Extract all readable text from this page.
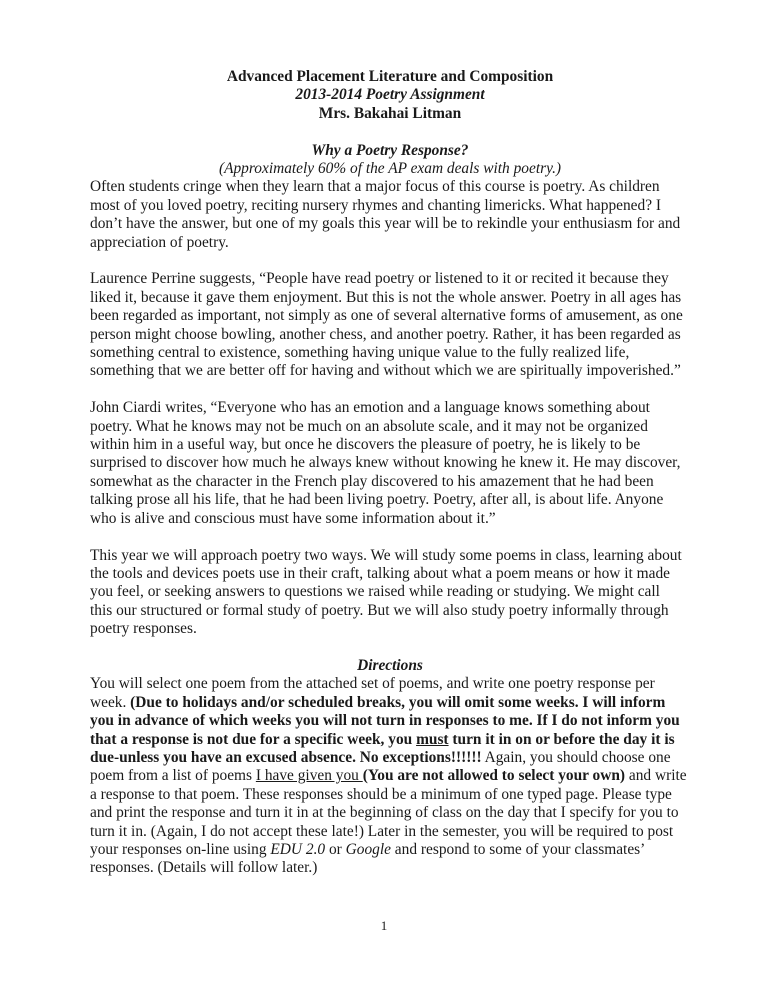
Advanced Placement Literature and Composition
2013-2014 Poetry Assignment
Mrs. Bakahai Litman
Why a Poetry Response?
(Approximately 60% of the AP exam deals with poetry.)
Often students cringe when they learn that a major focus of this course is poetry. As children
most of you loved poetry, reciting nursery rhymes and chanting limericks. What happened? I
don’t have the answer, but one of my goals this year will be to rekindle your enthusiasm for and
appreciation of poetry.
Laurence Perrine suggests, “People have read poetry or listened to it or recited it because they
liked it, because it gave them enjoyment. But this is not the whole answer. Poetry in all ages has
been regarded as important, not simply as one of several alternative forms of amusement, as one
person might choose bowling, another chess, and another poetry. Rather, it has been regarded as
something central to existence, something having unique value to the fully realized life,
something that we are better off for having and without which we are spiritually impoverished.”
John Ciardi writes, “Everyone who has an emotion and a language knows something about
poetry. What he knows may not be much on an absolute scale, and it may not be organized
within him in a useful way, but once he discovers the pleasure of poetry, he is likely to be
surprised to discover how much he always knew without knowing he knew it. He may discover,
somewhat as the character in the French play discovered to his amazement that he had been
talking prose all his life, that he had been living poetry. Poetry, after all, is about life. Anyone
who is alive and conscious must have some information about it.”
This year we will approach poetry two ways. We will study some poems in class, learning about
the tools and devices poets use in their craft, talking about what a poem means or how it made
you feel, or seeking answers to questions we raised while reading or studying. We might call
this our structured or formal study of poetry. But we will also study poetry informally through
poetry responses.
Directions
You will select one poem from the attached set of poems, and write one poetry response per
week. (Due to holidays and/or scheduled breaks, you will omit some weeks. I will inform
you in advance of which weeks you will not turn in responses to me. If I do not inform you
that a response is not due for a specific week, you must turn it in on or before the day it is
due-unless you have an excused absence. No exceptions!!!!!! Again, you should choose one
poem from a list of poems I have given you (You are not allowed to select your own) and write
a response to that poem. These responses should be a minimum of one typed page. Please type
and print the response and turn it in at the beginning of class on the day that I specify for you to
turn it in. (Again, I do not accept these late!) Later in the semester, you will be required to post
your responses on-line using EDU 2.0 or Google and respond to some of your classmates’
responses. (Details will follow later.)
1
